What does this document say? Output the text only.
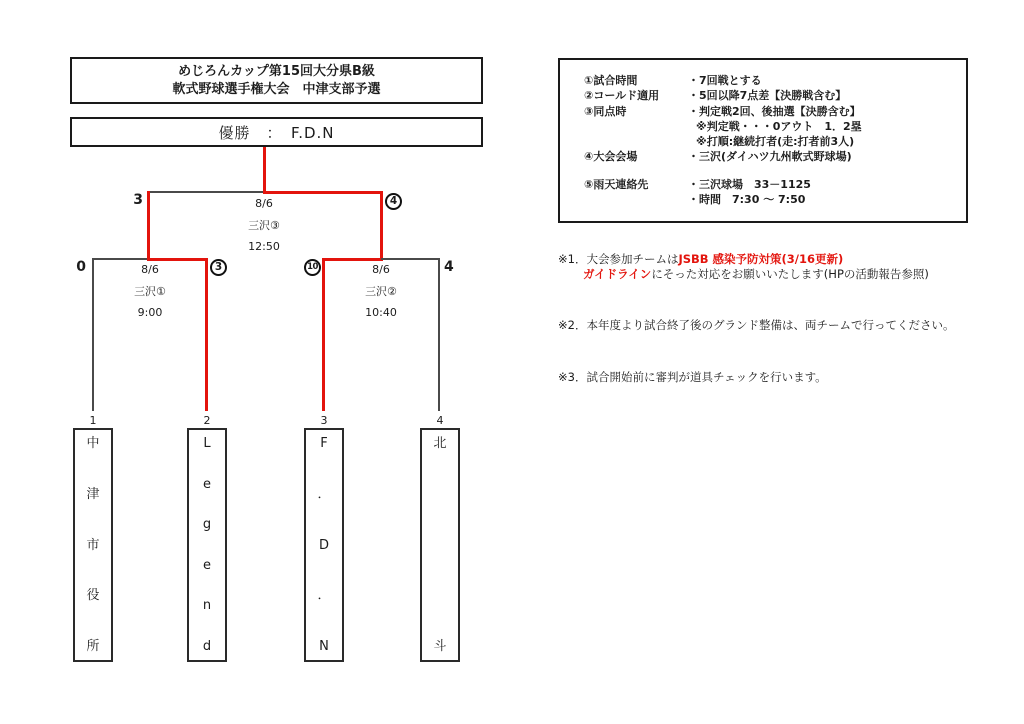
めじろんカップ第15回大分県B級
軟式野球選手権大会　中津支部予選
優勝　：　F.D.N
3	4
8/6
三沢③
12:50
0	3
8/6
三沢①
9:00
10	4
8/6
三沢②
10:40
1	2	3	4
中
津
市
役
所
L
e
g
e
n
d
F
．
D
．
N
北
斗
①試合時間	・7回戦とする
②コールド適用	・5回以降7点差【決勝戦含む】
③同点時	・判定戦2回、後抽選【決勝含む】
※判定戦・・・0アウト　1．2塁
※打順:継続打者(走:打者前3人)
④大会会場	・三沢(ダイハツ九州軟式野球場)
⑤雨天連絡先	・三沢球場　33－1125
・時間　7:30 ～ 7:50
※1．大会参加チームはJSBB 感染予防対策(3/16更新)
ガイドラインにそった対応をお願いいたします(HPの活動報告参照)
※2．本年度より試合終了後のグランド整備は、両チームで行ってください。
※3．試合開始前に審判が道具チェックを行います。
